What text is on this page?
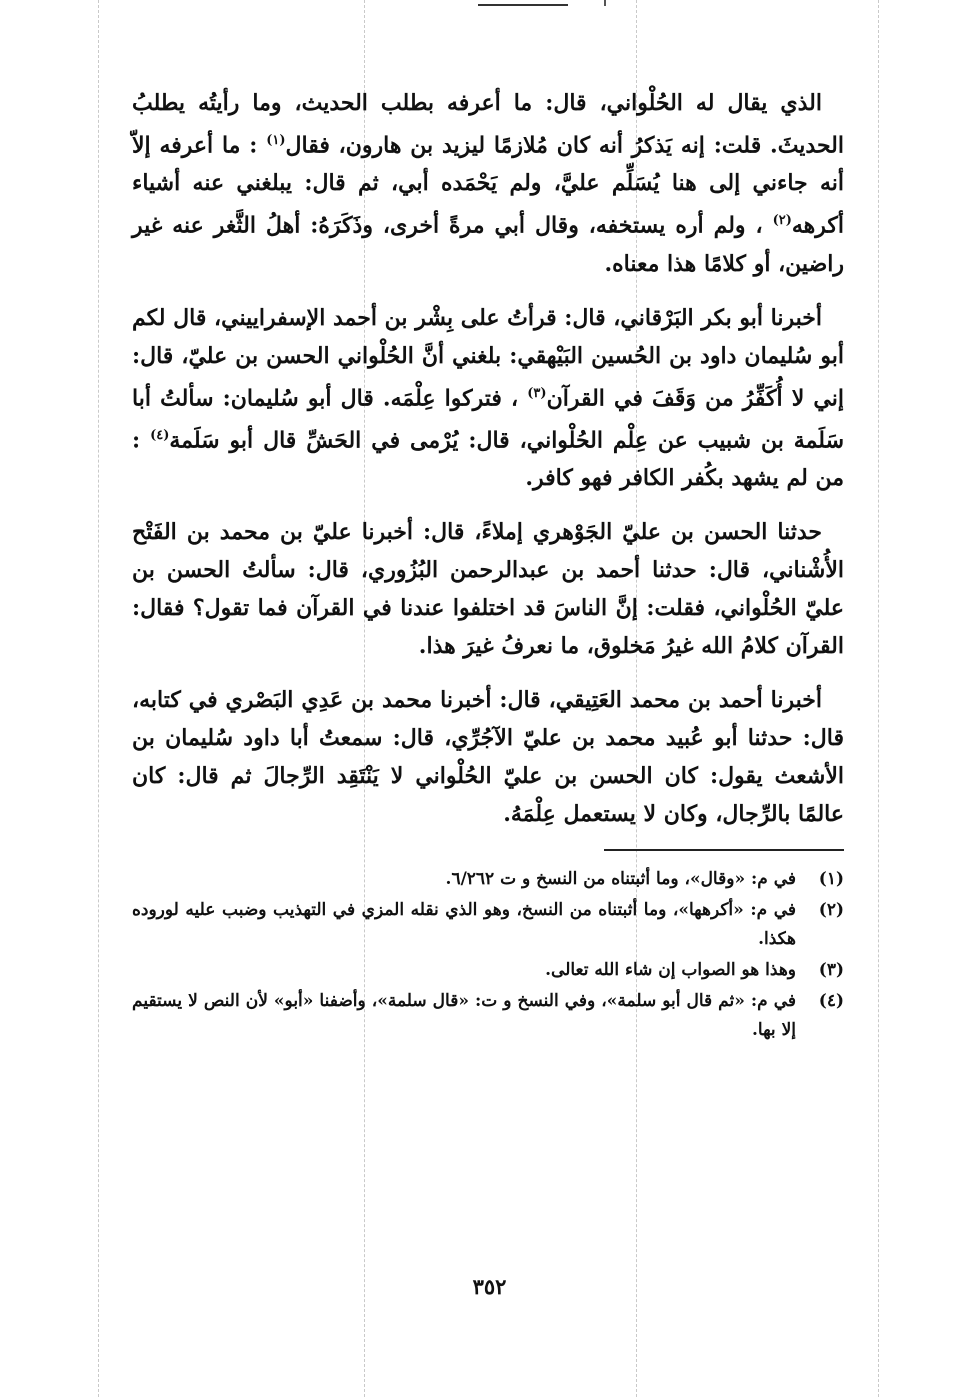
الذي يقال له الحُلْواني، قال: ما أعرفه بطلب الحديث، وما رأيتُه يطلبُ الحديثَ. قلت: إنه يَذكرُ أنه كان مُلازمًا ليزيد بن هارون، فقال$^{(١)}$ : ما أعرفه إلاّ أنه جاءني إلى هنا يُسَلِّم عليَّ، ولم يَحْمَده أبي، ثم قال: يبلغني عنه أشياء أكرهه$^{(٢)}$ ، ولم أره يستخفه، وقال أبي مرةً أخرى، وذَكَرَهُ: أهلُ الثَّغر عنه غير راضين، أو كلامًا هذا معناه.

أخبرنا أبو بكر البَرْقاني، قال: قرأتُ على بِشْر بن أحمد الإسفراييني، قال لكم أبو سُليمان داود بن الحُسين البَيْهقي: بلغني أنَّ الحُلْواني الحسن بن عليّ، قال: إني لا أُكَفِّرُ من وَقَفَ في القرآن$^{(٣)}$ ، فتركوا عِلْمَه. قال أبو سُليمان: سألتُ أبا سَلَمة بن شبيب عن عِلْم الحُلْواني، قال: يُرْمى في الحَشِّ قال أبو سَلَمة$^{(٤)}$ : من لم يشهد بكُفر الكافر فهو كافر.

حدثنا الحسن بن عليّ الجَوْهري إملاءً، قال: أخبرنا عليّ بن محمد بن الفَتْح الأُشْناني، قال: حدثنا أحمد بن عبدالرحمن البُزُوري، قال: سألتُ الحسن بن عليّ الحُلْواني، فقلت: إنَّ الناسَ قد اختلفوا عندنا في القرآن فما تقول؟ فقال: القرآن كلامُ الله غيرُ مَخلوق، ما نعرفُ غيرَ هذا.

أخبرنا أحمد بن محمد العَتِيقي، قال: أخبرنا محمد بن عَدِي البَصْري في كتابه، قال: حدثنا أبو عُبيد محمد بن عليّ الآجُرِّي، قال: سمعتُ أبا داود سُليمان بن الأشعث يقول: كان الحسن بن عليّ الحُلْواني لا يَنْتَقِد الرِّجالَ ثم قال: كان عالمًا بالرِّجال، وكان لا يستعمل عِلْمَهُ.

(١)
في م: «وقال»، وما أثبتناه من النسخ و ت ٦/٢٦٢.
(٢)
في م: «أكرهها»، وما أثبتناه من النسخ، وهو الذي نقله المزي في التهذيب وضبب عليه لوروده هكذا.
(٣)
وهذا هو الصواب إن شاء الله تعالى.
(٤)
في م: «ثم قال أبو سلمة»، وفي النسخ و ت: «قال سلمة»، وأضفنا «أبو» لأن النص لا يستقيم إلا بها.
٣٥٢
